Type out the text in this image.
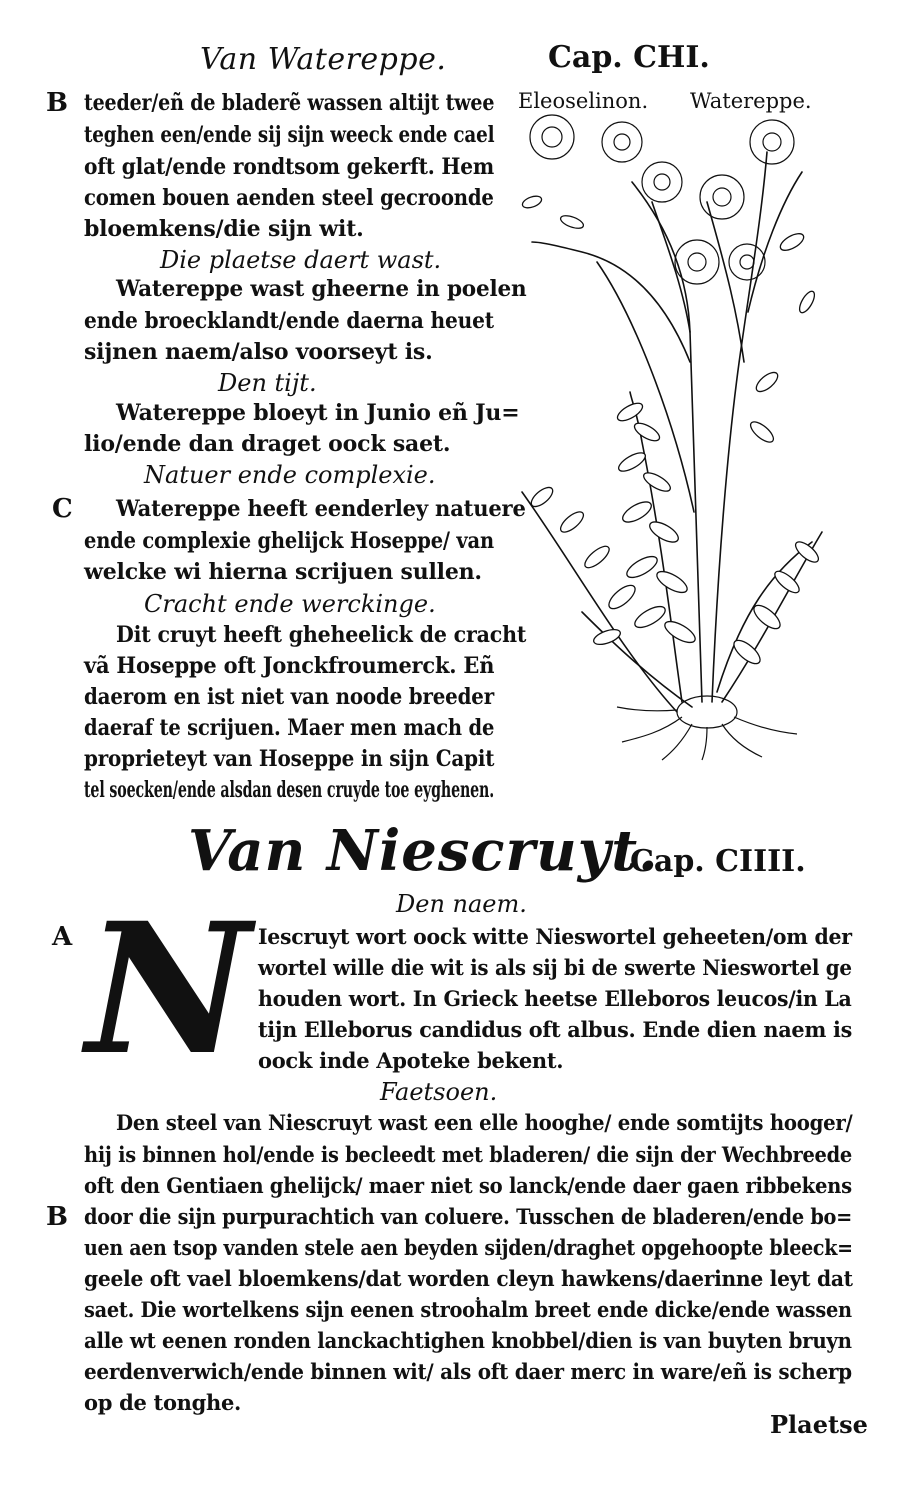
Van Watereppe.	Cap. CHI.
Eleoselinon. Watereppe.
B
C
A
B
teeder/eñ de bladerẽ wassen altijt twee
teghen een/ende sij sijn weeck ende cael
oft glat/ende rondtsom gekerft. Hem
comen bouen aenden steel gecroonde
bloemkens/die sijn wit.
Die plaetse daert wast.
Watereppe wast gheerne in poelen
ende broecklandt/ende daerna heuet
sijnen naem/also voorseyt is.
Den tijt.
Watereppe bloeyt in Junio eñ Ju=
lio/ende dan draget oock saet.
Natuer ende complexie.
Watereppe heeft eenderley natuere
ende complexie ghelijck Hoseppe/ van
welcke wi hierna scrijuen sullen.
Cracht ende werckinge.
Dit cruyt heeft gheheelick de cracht
vã Hoseppe oft Jonckfroumerck. Eñ
daerom en ist niet van noode breeder
daeraf te scrijuen. Maer men mach de
proprieteyt van Hoseppe in sijn Capit
tel soecken/ende alsdan desen cruyde toe eyghenen.
Van Niescruyt.
Cap. CIIII.
Den naem.
N Iescruyt wort oock witte Nieswortel geheeten/om der
wortel wille die wit is als sij bi de swerte Nieswortel ge
houden wort. In Grieck heetse Elleboros leucos/in La
tijn Elleborus candidus oft albus. Ende dien naem is
oock inde Apoteke bekent.
Faetsoen.
Den steel van Niescruyt wast een elle hooghe/ ende somtijts hooger/
hij is binnen hol/ende is becleedt met bladeren/ die sijn der Wechbreede
oft den Gentiaen ghelijck/ maer niet so lanck/ende daer gaen ribbekens
door die sijn purpurachtich van coluere. Tusschen de bladeren/ende bo=
uen aen tsop vanden stele aen beyden sijden/draghet opgehoopte bleeck=
geele oft vael bloemkens/dat worden cleyn hawkens/daerinne leyt dat
saet. Die wortelkens sijn eenen strooḣalm breet ende dicke/ende wassen
alle wt eenen ronden lanckachtighen knobbel/dien is van buyten bruyn
eerdenverwich/ende binnen wit/ als oft daer merc in ware/eñ is scherp
op de tonghe.
Plaetse
